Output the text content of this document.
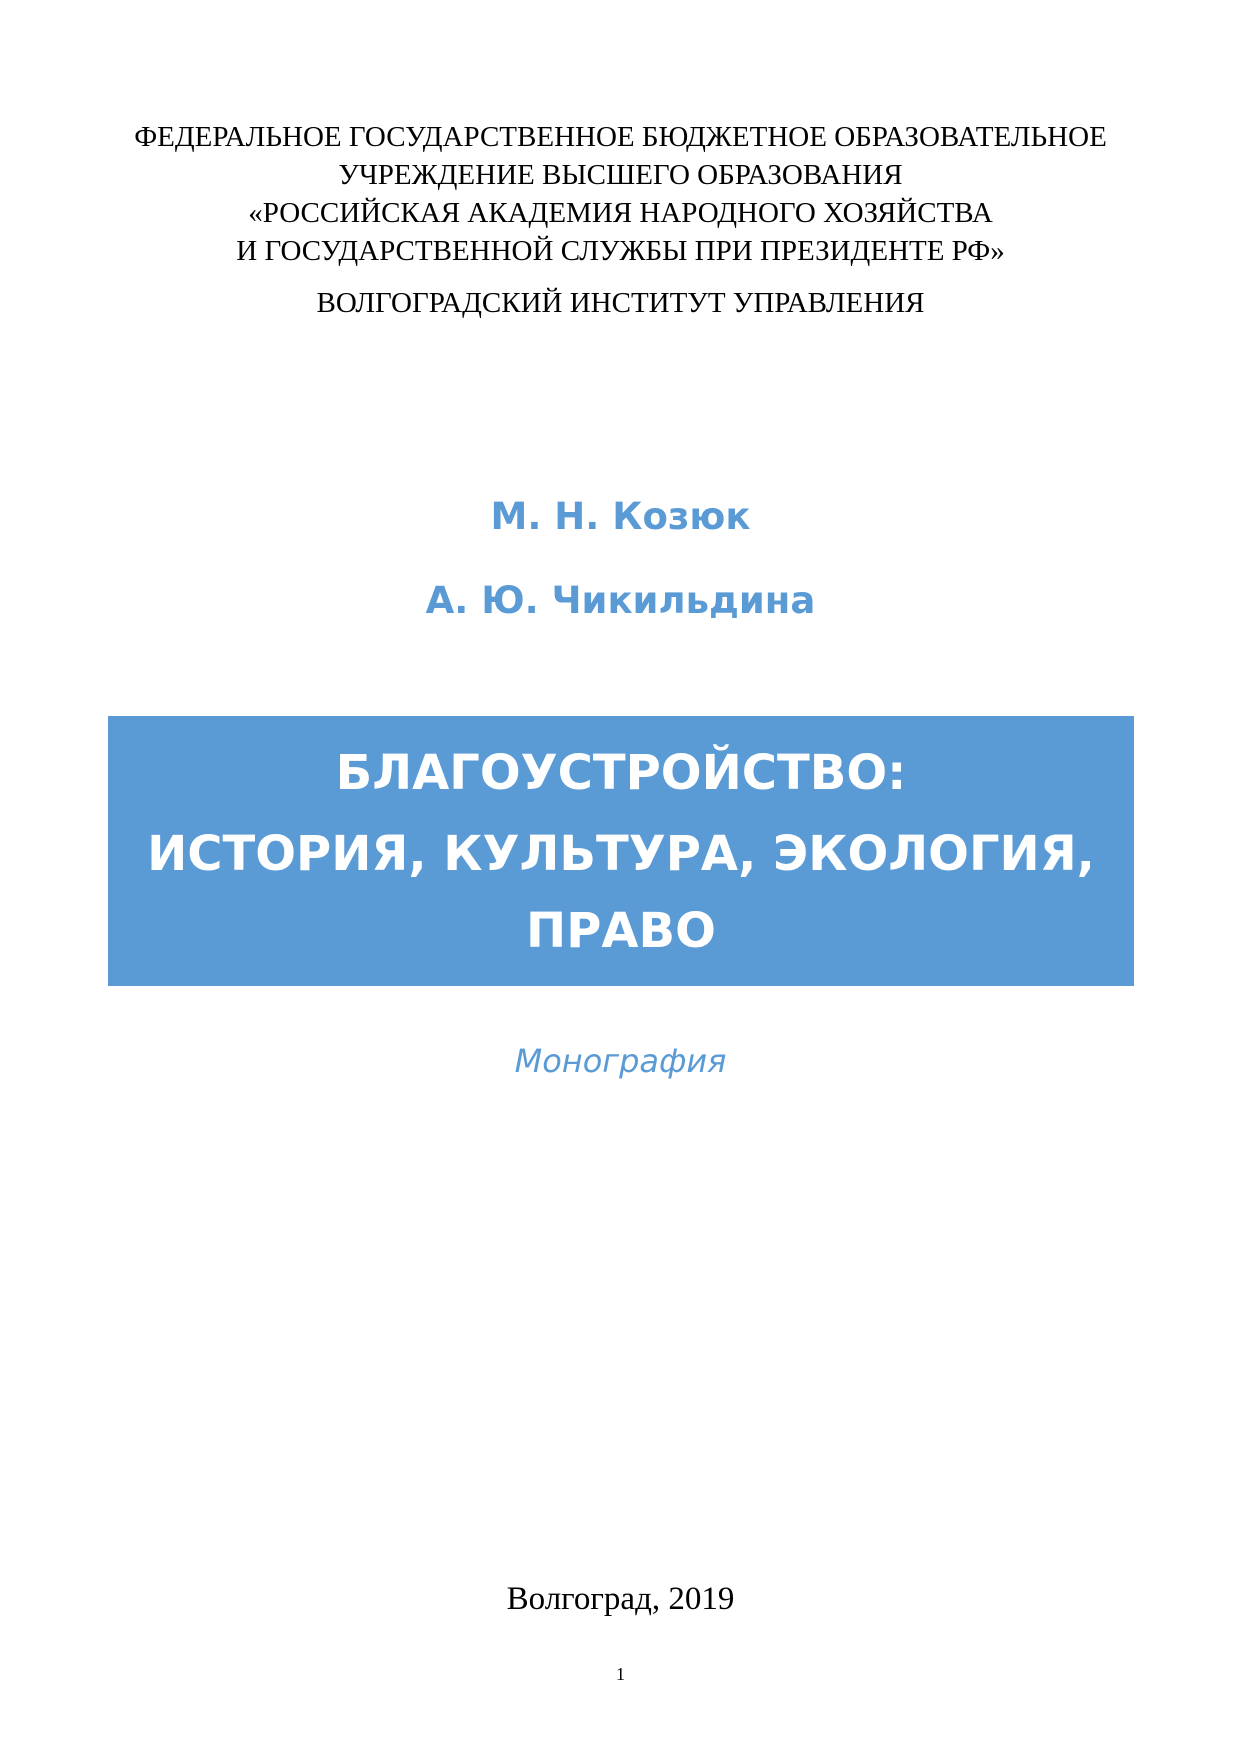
ФЕДЕРАЛЬНОЕ ГОСУДАРСТВЕННОЕ БЮДЖЕТНОЕ ОБРАЗОВАТЕЛЬНОЕ
УЧРЕЖДЕНИЕ ВЫСШЕГО ОБРАЗОВАНИЯ
«РОССИЙСКАЯ АКАДЕМИЯ НАРОДНОГО ХОЗЯЙСТВА
И ГОСУДАРСТВЕННОЙ СЛУЖБЫ ПРИ ПРЕЗИДЕНТЕ РФ»
ВОЛГОГРАДСКИЙ ИНСТИТУТ УПРАВЛЕНИЯ
М. Н. Козюк
А. Ю. Чикильдина
БЛАГОУСТРОЙСТВО:
ИСТОРИЯ, КУЛЬТУРА, ЭКОЛОГИЯ,
ПРАВО
Монография
Волгоград, 2019
1
